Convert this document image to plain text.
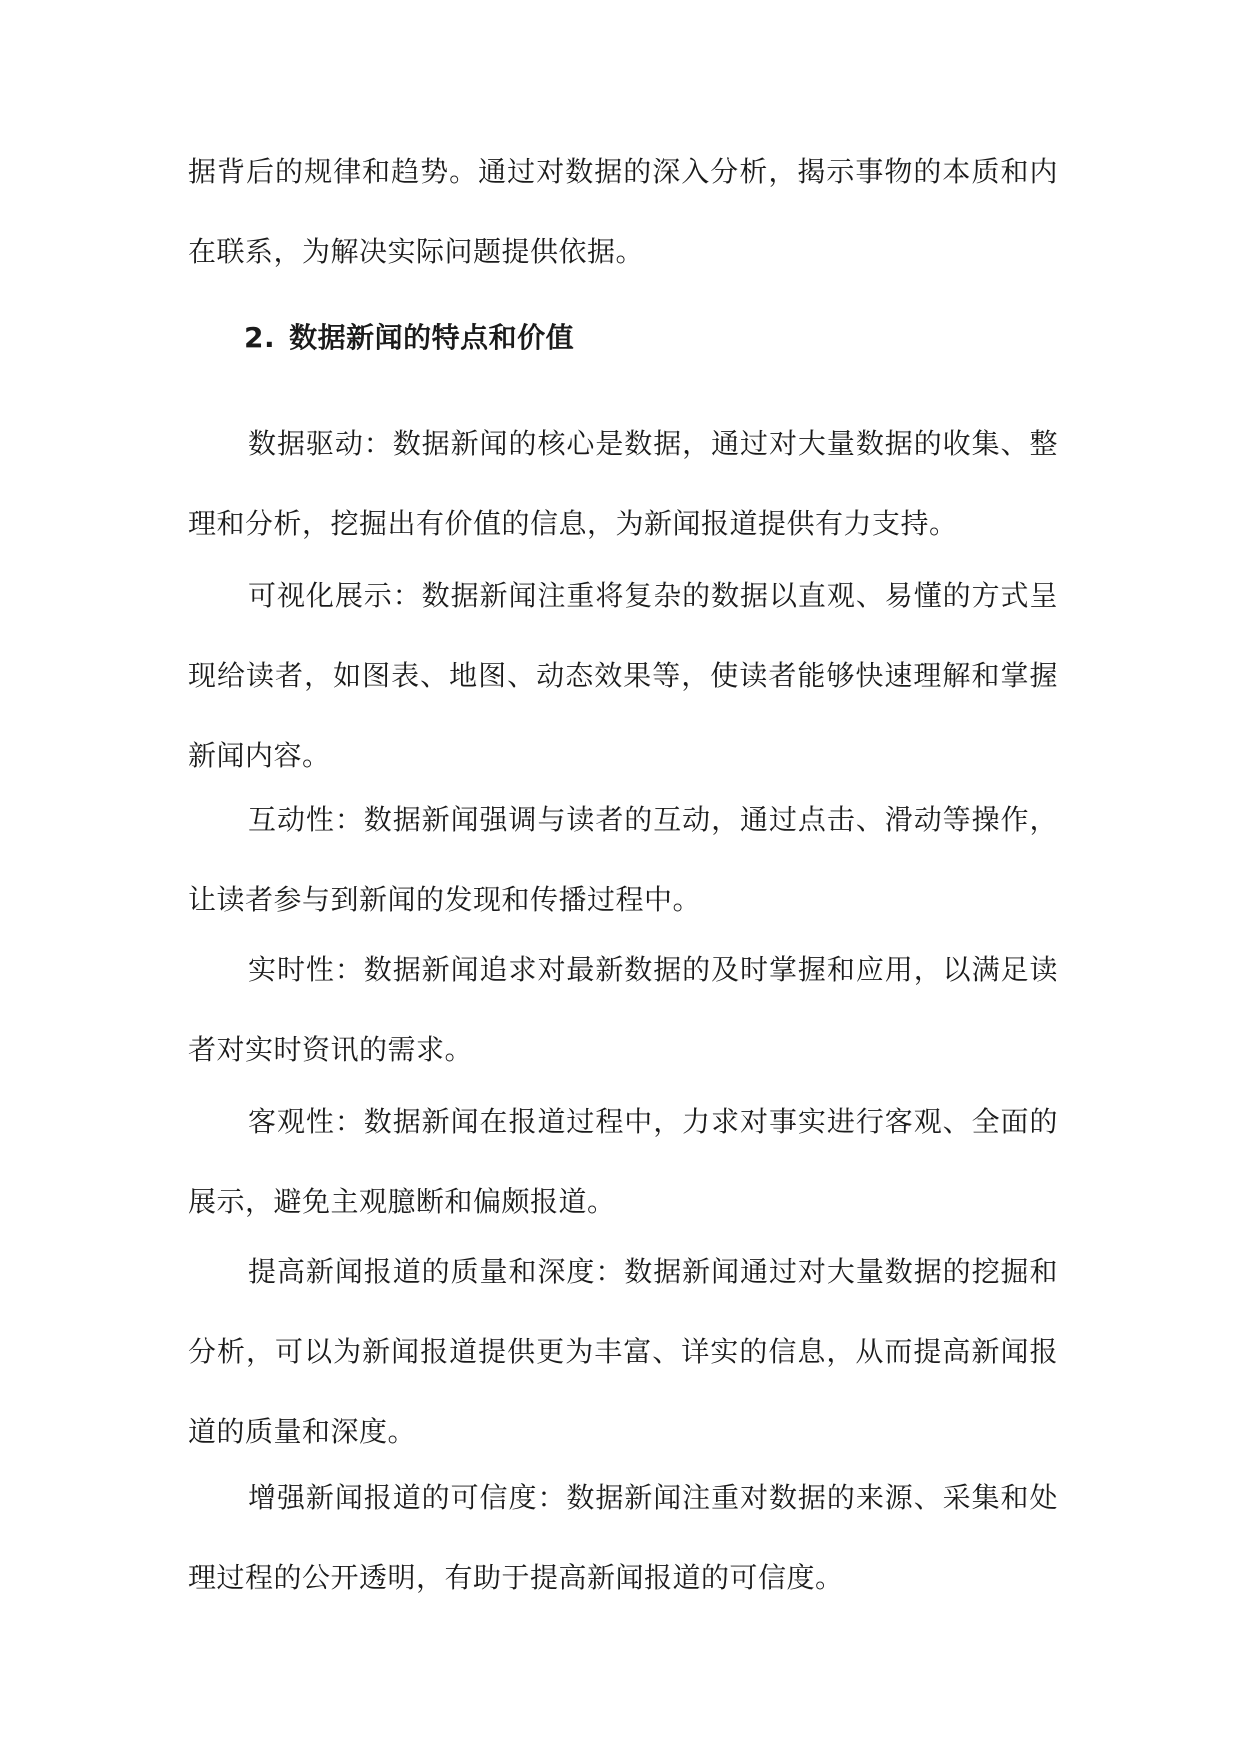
据背后的规律和趋势。通过对数据的深入分析，揭示事物的本质和内在联系，为解决实际问题提供依据。

2. 数据新闻的特点和价值

数据驱动：数据新闻的核心是数据，通过对大量数据的收集、整理和分析，挖掘出有价值的信息，为新闻报道提供有力支持。

可视化展示：数据新闻注重将复杂的数据以直观、易懂的方式呈现给读者，如图表、地图、动态效果等，使读者能够快速理解和掌握新闻内容。

互动性：数据新闻强调与读者的互动，通过点击、滑动等操作，让读者参与到新闻的发现和传播过程中。

实时性：数据新闻追求对最新数据的及时掌握和应用，以满足读者对实时资讯的需求。

客观性：数据新闻在报道过程中，力求对事实进行客观、全面的展示，避免主观臆断和偏颇报道。

提高新闻报道的质量和深度：数据新闻通过对大量数据的挖掘和分析，可以为新闻报道提供更为丰富、详实的信息，从而提高新闻报道的质量和深度。

增强新闻报道的可信度：数据新闻注重对数据的来源、采集和处理过程的公开透明，有助于提高新闻报道的可信度。
